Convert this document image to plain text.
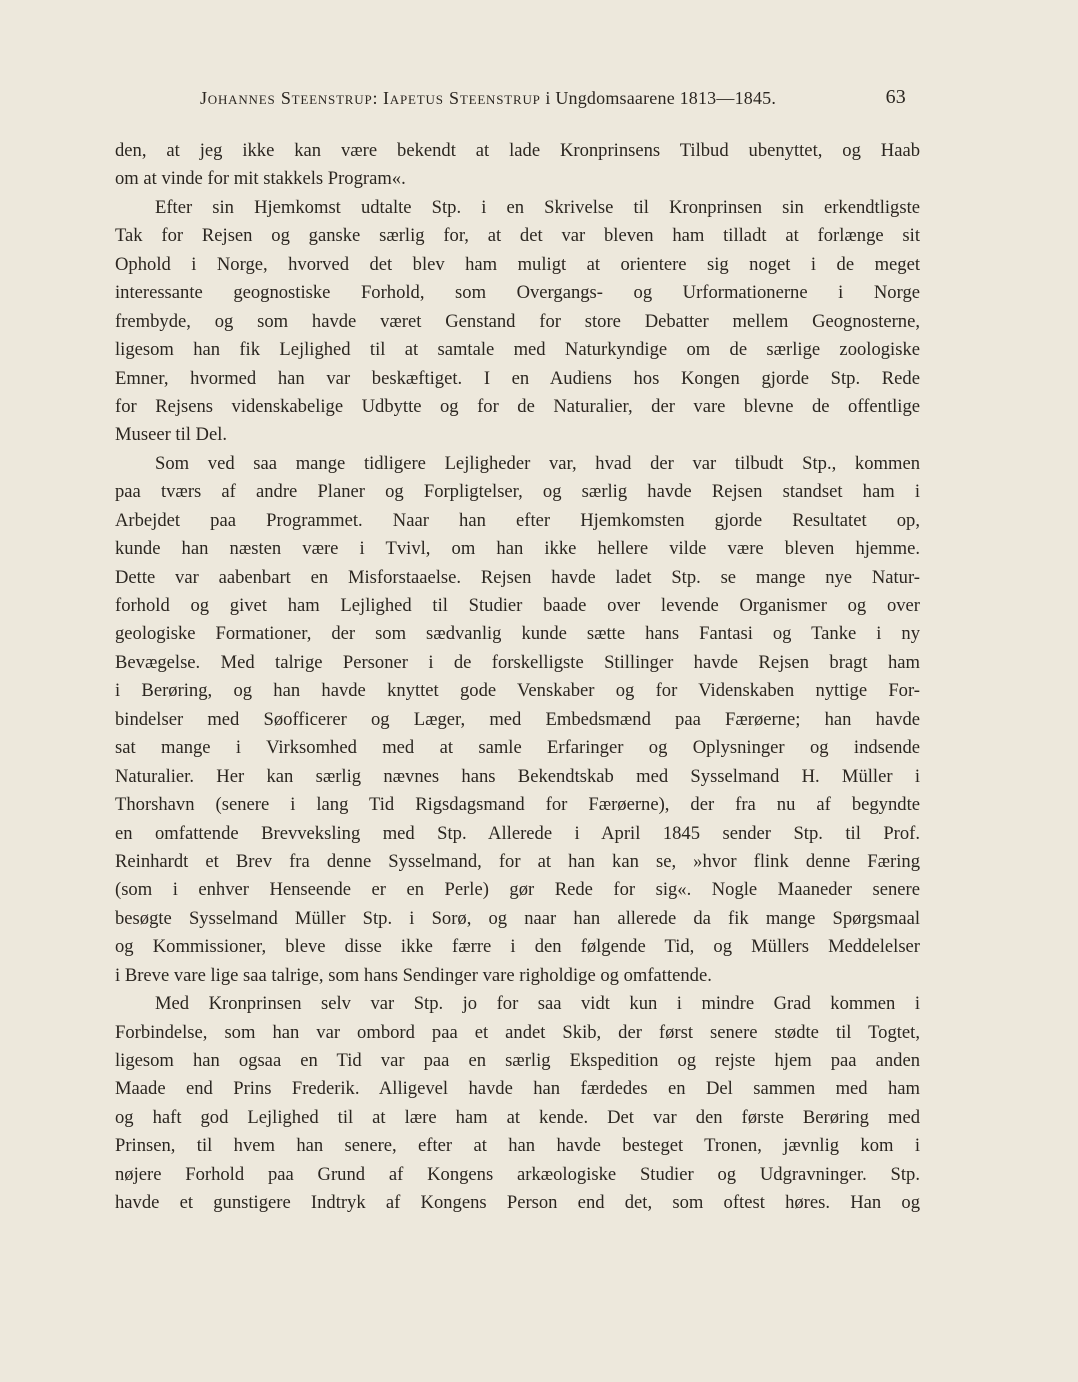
Johannes Steenstrup: Iapetus Steenstrup i Ungdomsaarene 1813—1845.	63
den, at jeg ikke kan være bekendt at lade Kronprinsens Tilbud ubenyttet, og Haab
om at vinde for mit stakkels Program«.
Efter sin Hjemkomst udtalte Stp. i en Skrivelse til Kronprinsen sin erkendtligste
Tak for Rejsen og ganske særlig for, at det var bleven ham tilladt at forlænge sit
Ophold i Norge, hvorved det blev ham muligt at orientere sig noget i de meget
interessante geognostiske Forhold, som Overgangs- og Urformationerne i Norge
frembyde, og som havde været Genstand for store Debatter mellem Geognosterne,
ligesom han fik Lejlighed til at samtale med Naturkyndige om de særlige zoologiske
Emner, hvormed han var beskæftiget. I en Audiens hos Kongen gjorde Stp. Rede
for Rejsens videnskabelige Udbytte og for de Naturalier, der vare blevne de offentlige
Museer til Del.
Som ved saa mange tidligere Lejligheder var, hvad der var tilbudt Stp., kommen
paa tværs af andre Planer og Forpligtelser, og særlig havde Rejsen standset ham i
Arbejdet paa Programmet. Naar han efter Hjemkomsten gjorde Resultatet op,
kunde han næsten være i Tvivl, om han ikke hellere vilde være bleven hjemme.
Dette var aabenbart en Misforstaaelse. Rejsen havde ladet Stp. se mange nye Natur-
forhold og givet ham Lejlighed til Studier baade over levende Organismer og over
geologiske Formationer, der som sædvanlig kunde sætte hans Fantasi og Tanke i ny
Bevægelse. Med talrige Personer i de forskelligste Stillinger havde Rejsen bragt ham
i Berøring, og han havde knyttet gode Venskaber og for Videnskaben nyttige For-
bindelser med Søofficerer og Læger, med Embedsmænd paa Færøerne; han havde
sat mange i Virksomhed med at samle Erfaringer og Oplysninger og indsende
Naturalier. Her kan særlig nævnes hans Bekendtskab med Sysselmand H. Müller i
Thorshavn (senere i lang Tid Rigsdagsmand for Færøerne), der fra nu af begyndte
en omfattende Brevveksling med Stp. Allerede i April 1845 sender Stp. til Prof.
Reinhardt et Brev fra denne Sysselmand, for at han kan se, »hvor flink denne Færing
(som i enhver Henseende er en Perle) gør Rede for sig«. Nogle Maaneder senere
besøgte Sysselmand Müller Stp. i Sorø, og naar han allerede da fik mange Spørgsmaal
og Kommissioner, bleve disse ikke færre i den følgende Tid, og Müllers Meddelelser
i Breve vare lige saa talrige, som hans Sendinger vare righoldige og omfattende.
Med Kronprinsen selv var Stp. jo for saa vidt kun i mindre Grad kommen i
Forbindelse, som han var ombord paa et andet Skib, der først senere stødte til Togtet,
ligesom han ogsaa en Tid var paa en særlig Ekspedition og rejste hjem paa anden
Maade end Prins Frederik. Alligevel havde han færdedes en Del sammen med ham
og haft god Lejlighed til at lære ham at kende. Det var den første Berøring med
Prinsen, til hvem han senere, efter at han havde besteget Tronen, jævnlig kom i
nøjere Forhold paa Grund af Kongens arkæologiske Studier og Udgravninger. Stp.
havde et gunstigere Indtryk af Kongens Person end det, som oftest høres. Han og
